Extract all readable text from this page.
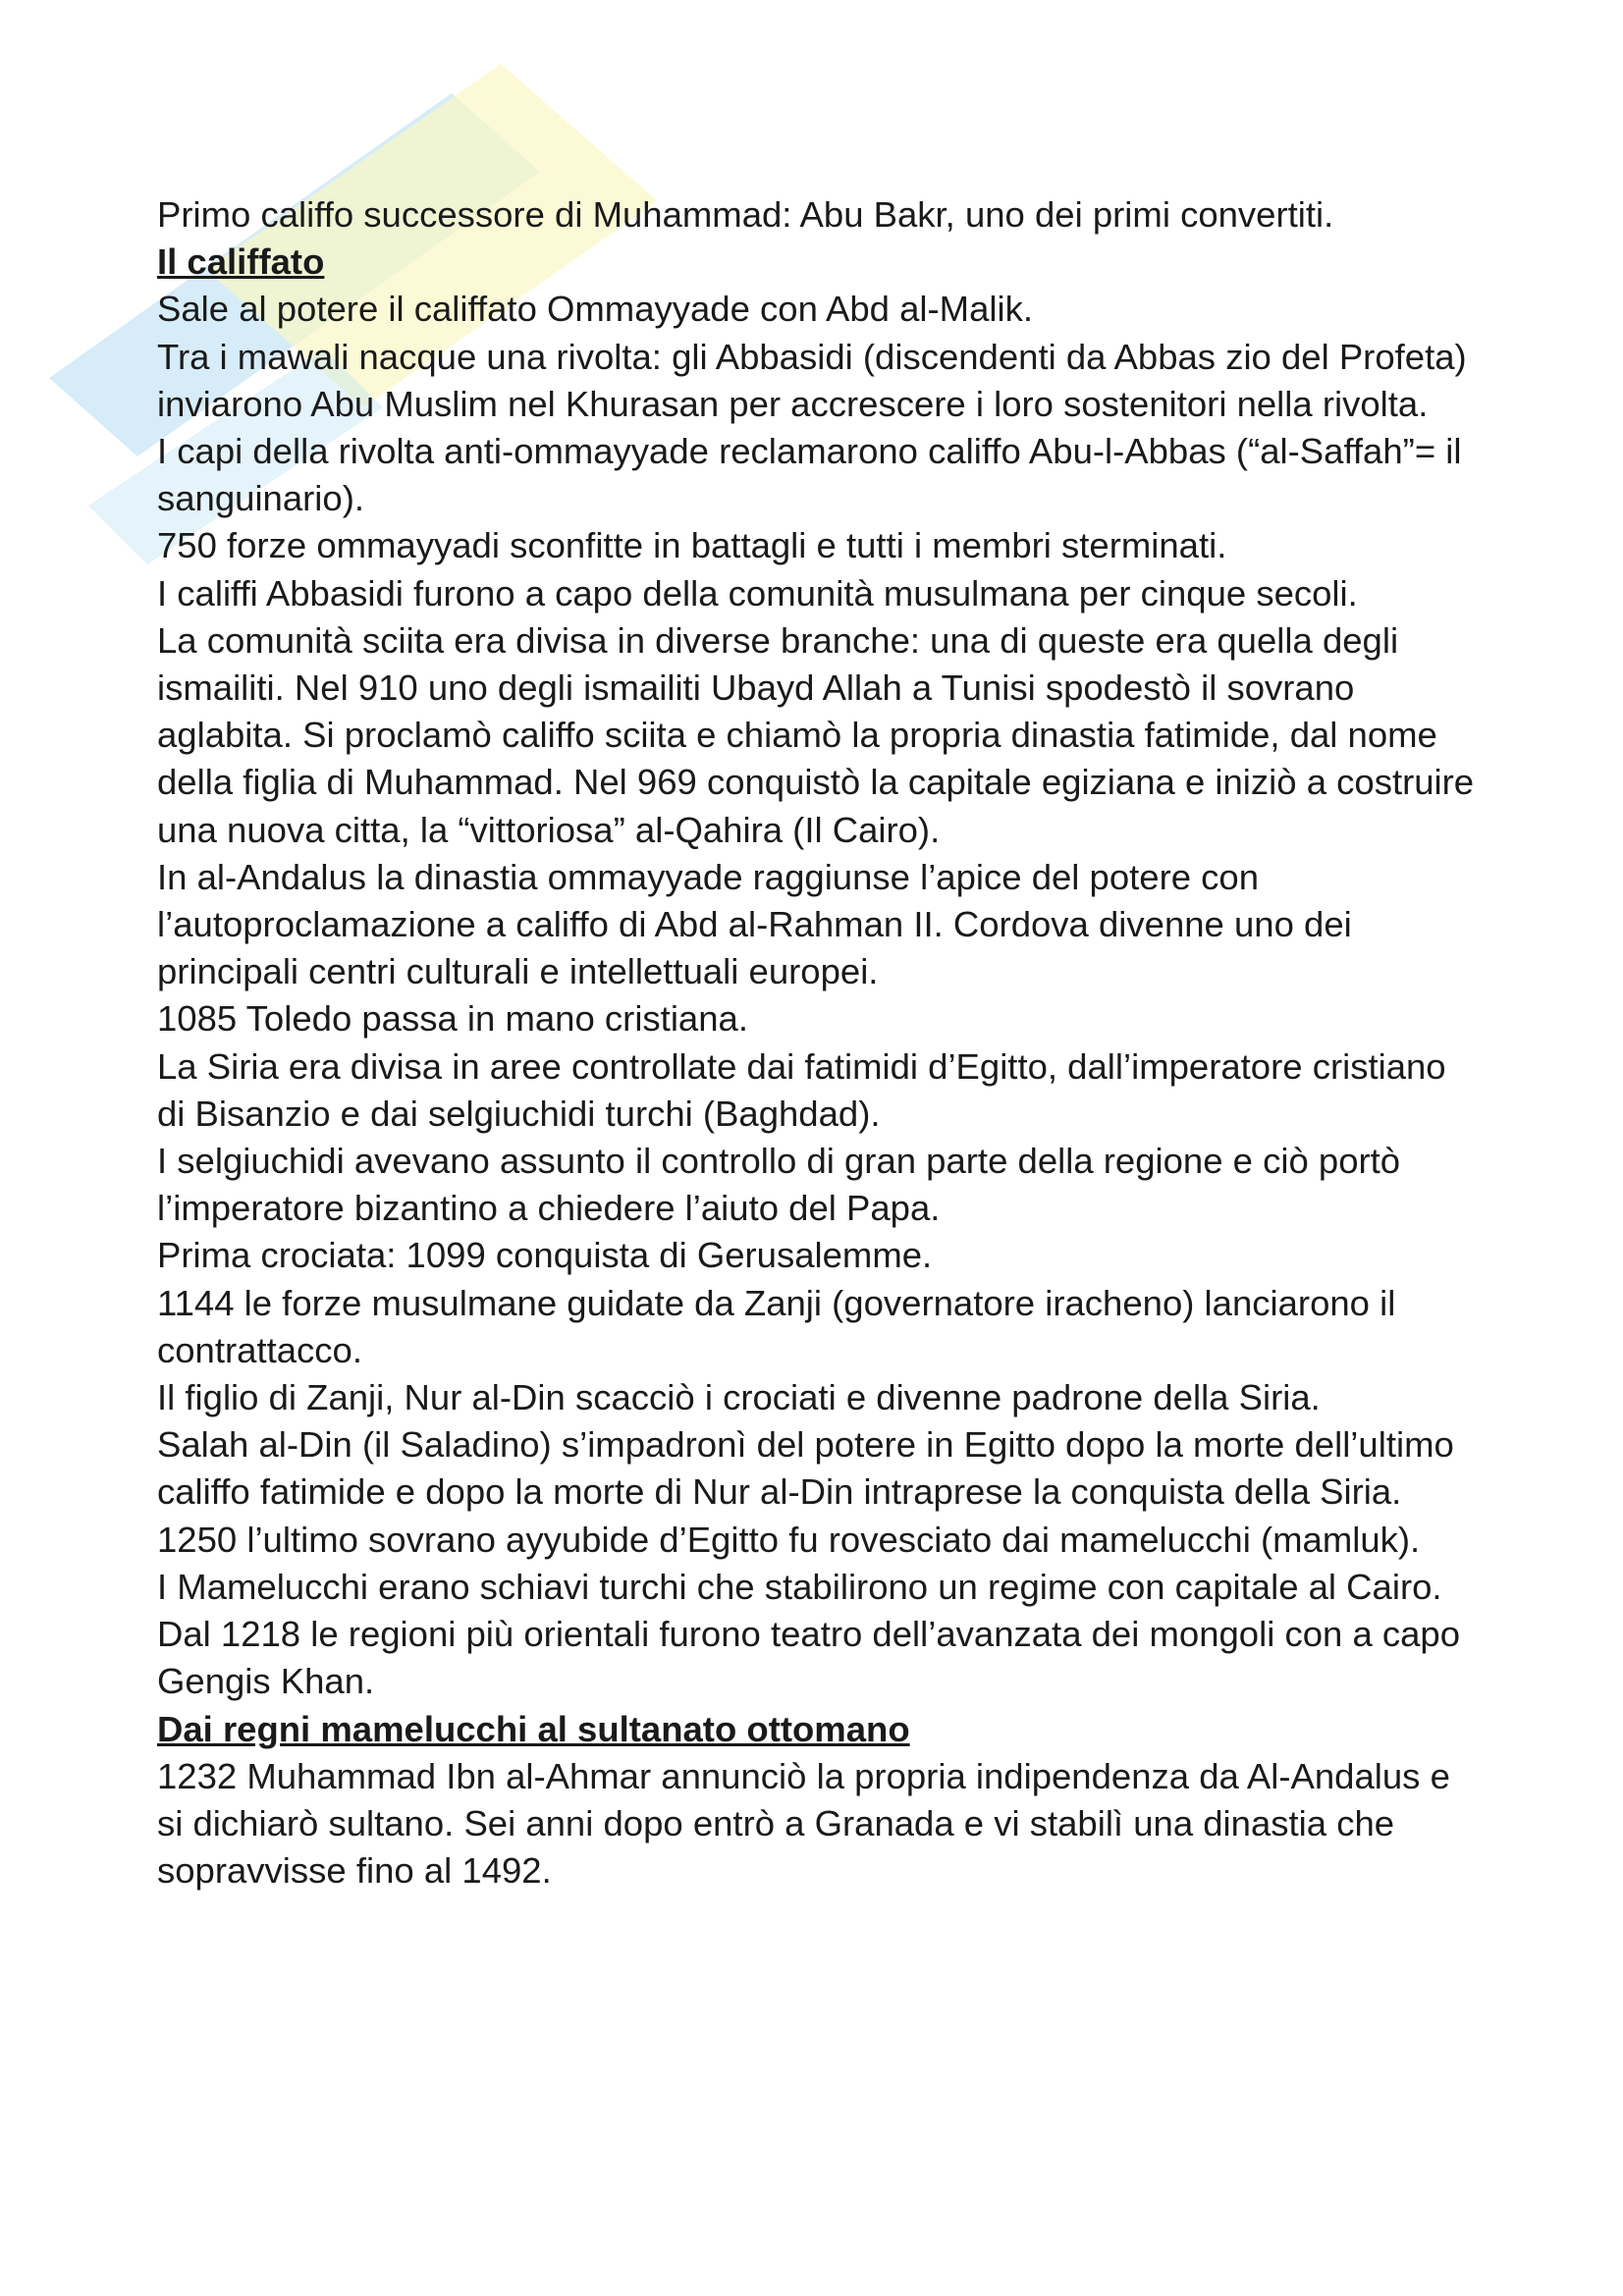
Primo califfo successore di Muhammad: Abu Bakr, uno dei primi convertiti.

Il califfato

Sale al potere il califfato Ommayyade con Abd al-Malik.

Tra i mawali nacque una rivolta: gli Abbasidi (discendenti da Abbas zio del Profeta) inviarono Abu Muslim nel Khurasan per accrescere i loro sostenitori nella rivolta.

I capi della rivolta anti-ommayyade reclamarono califfo Abu-l-Abbas (“al-Saffah”= il sanguinario).

750 forze ommayyadi sconfitte in battagli e tutti i membri sterminati.

I califfi Abbasidi furono a capo della comunità musulmana per cinque secoli.

La comunità sciita era divisa in diverse branche: una di queste era quella degli ismailiti. Nel 910 uno degli ismailiti Ubayd Allah a Tunisi spodestò il sovrano aglabita. Si proclamò califfo sciita e chiamò la propria dinastia fatimide, dal nome della figlia di Muhammad. Nel 969 conquistò la capitale egiziana e iniziò a costruire una nuova citta, la “vittoriosa” al-Qahira (Il Cairo).

In al-Andalus la dinastia ommayyade raggiunse l’apice del potere con l’autoproclamazione a califfo di Abd al-Rahman II. Cordova divenne uno dei principali centri culturali e intellettuali europei.

1085 Toledo passa in mano cristiana.

La Siria era divisa in aree controllate dai fatimidi d’Egitto, dall’imperatore cristiano di Bisanzio e dai selgiuchidi turchi (Baghdad).

I selgiuchidi avevano assunto il controllo di gran parte della regione e ciò portò l’imperatore bizantino a chiedere l’aiuto del Papa.

Prima crociata: 1099 conquista di Gerusalemme.

1144 le forze musulmane guidate da Zanji (governatore iracheno) lanciarono il contrattacco.

Il figlio di Zanji, Nur al-Din scacciò i crociati e divenne padrone della Siria.

Salah al-Din (il Saladino) s’impadronì del potere in Egitto dopo la morte dell’ultimo califfo fatimide e dopo la morte di Nur al-Din intraprese la conquista della Siria.

1250 l’ultimo sovrano ayyubide d’Egitto fu rovesciato dai mamelucchi (mamluk).

I Mamelucchi erano schiavi turchi che stabilirono un regime con capitale al Cairo.

Dal 1218 le regioni più orientali furono teatro dell’avanzata dei mongoli con a capo Gengis Khan.

Dai regni mamelucchi al sultanato ottomano

1232 Muhammad Ibn al-Ahmar annunciò la propria indipendenza da Al-Andalus e si dichiarò sultano. Sei anni dopo entrò a Granada e vi stabilì una dinastia che sopravvisse fino al 1492.
